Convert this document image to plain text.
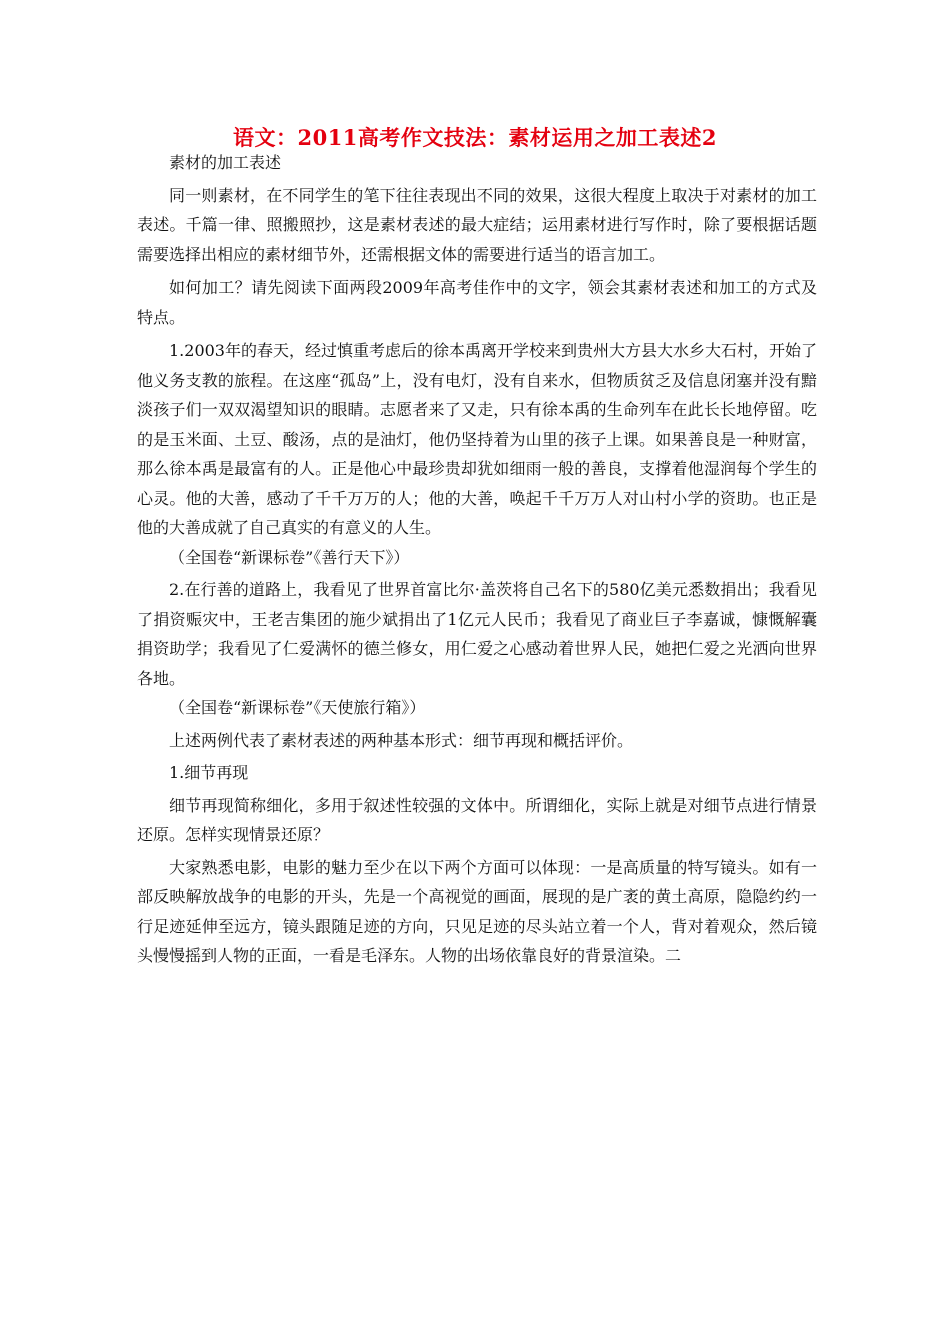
语文：2011高考作文技法：素材运用之加工表述2

素材的加工表述

同一则素材，在不同学生的笔下往往表现出不同的效果，这很大程度上取决于对素材的加工表述。千篇一律、照搬照抄，这是素材表述的最大症结；运用素材进行写作时，除了要根据话题需要选择出相应的素材细节外，还需根据文体的需要进行适当的语言加工。

如何加工？请先阅读下面两段2009年高考佳作中的文字，领会其素材表述和加工的方式及特点。

1.2003年的春天，经过慎重考虑后的徐本禹离开学校来到贵州大方县大水乡大石村，开始了他义务支教的旅程。在这座“孤岛”上，没有电灯，没有自来水，但物质贫乏及信息闭塞并没有黯淡孩子们一双双渴望知识的眼睛。志愿者来了又走，只有徐本禹的生命列车在此长长地停留。吃的是玉米面、土豆、酸汤，点的是油灯，他仍坚持着为山里的孩子上课。如果善良是一种财富，那么徐本禹是最富有的人。正是他心中最珍贵却犹如细雨一般的善良，支撑着他湿润每个学生的心灵。他的大善，感动了千千万万的人；他的大善，唤起千千万万人对山村小学的资助。也正是他的大善成就了自己真实的有意义的人生。

（全国卷“新课标卷”《善行天下》）

2.在行善的道路上，我看见了世界首富比尔·盖茨将自己名下的580亿美元悉数捐出；我看见了捐资赈灾中，王老吉集团的施少斌捐出了1亿元人民币；我看见了商业巨子李嘉诚，慷慨解囊捐资助学；我看见了仁爱满怀的德兰修女，用仁爱之心感动着世界人民，她把仁爱之光洒向世界各地。

（全国卷“新课标卷”《天使旅行箱》）

上述两例代表了素材表述的两种基本形式：细节再现和概括评价。

1.细节再现

细节再现简称细化，多用于叙述性较强的文体中。所谓细化，实际上就是对细节点进行情景还原。怎样实现情景还原？

大家熟悉电影，电影的魅力至少在以下两个方面可以体现：一是高质量的特写镜头。如有一部反映解放战争的电影的开头，先是一个高视觉的画面，展现的是广袤的黄土高原，隐隐约约一行足迹延伸至远方，镜头跟随足迹的方向，只见足迹的尽头站立着一个人，背对着观众，然后镜头慢慢摇到人物的正面，一看是毛泽东。人物的出场依靠良好的背景渲染。二
